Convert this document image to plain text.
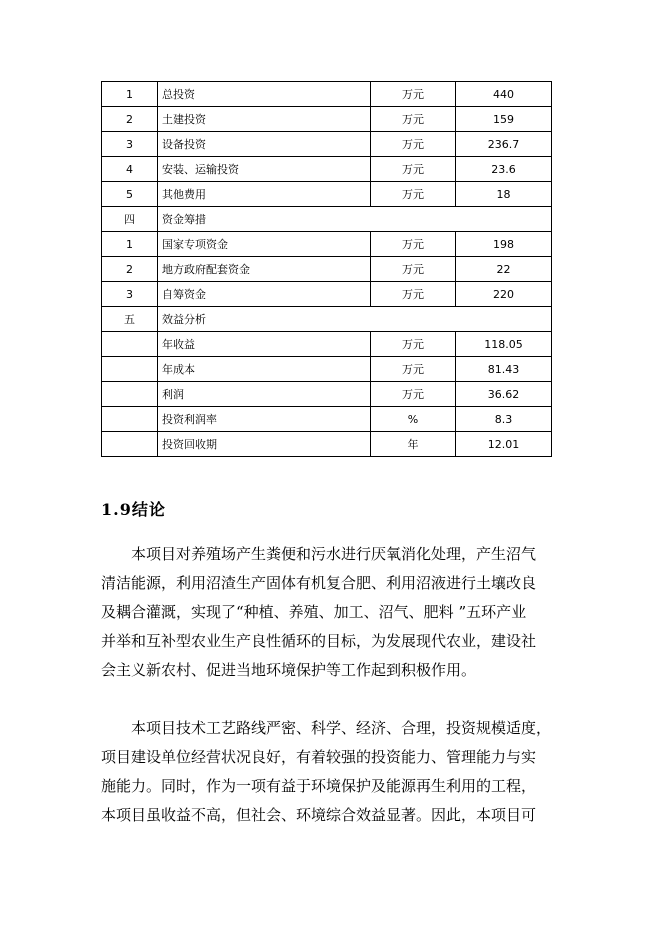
1	总投资	万元	440
2	土建投资	万元	159
3	设备投资	万元	236.7
4	安装、运输投资	万元	23.6
5	其他费用	万元	18
四	资金筹措		
1	国家专项资金	万元	198
2	地方政府配套资金	万元	22
3	自筹资金	万元	220
五	效益分析		
	年收益	万元	118.05
	年成本	万元	81.43
	利润	万元	36.62
	投资利润率	%	8.3
	投资回收期	年	12.01
1.9结论

本项目对养殖场产生粪便和污水进行厌氧消化处理，产生沼气
清洁能源，利用沼渣生产固体有机复合肥、利用沼液进行土壤改良
及耦合灌溉，实现了“种植、养殖、加工、沼气、肥料 ”五环产业
并举和互补型农业生产良性循环的目标，为发展现代农业，建设社
会主义新农村、促进当地环境保护等工作起到积极作用。

本项目技术工艺路线严密、科学、经济、合理，投资规模适度，
项目建设单位经营状况良好，有着较强的投资能力、管理能力与实
施能力。同时，作为一项有益于环境保护及能源再生利用的工程，
本项目虽收益不高，但社会、环境综合效益显著。因此，本项目可
